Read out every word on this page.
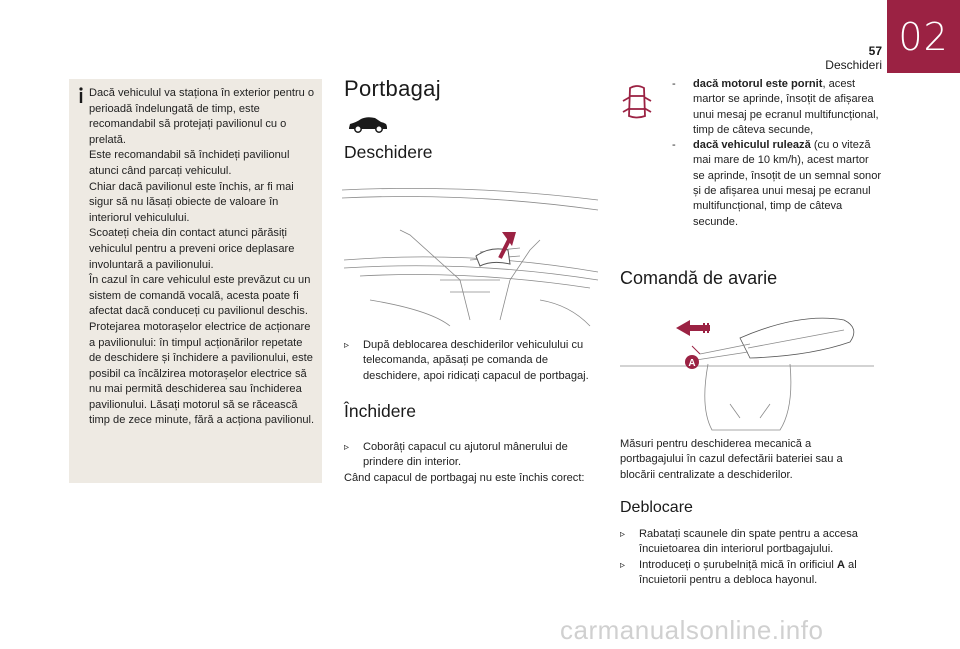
02
57
Deschideri

Dacă vehiculul va staționa în exterior pentru o perioadă îndelungată de timp, este recomandabil să protejați pavilionul cu o prelată.

Este recomandabil să închideți pavilionul atunci când parcați vehiculul.

Chiar dacă pavilionul este închis, ar fi mai sigur să nu lăsați obiecte de valoare în interiorul vehiculului.

Scoateți cheia din contact atunci părăsiți vehiculul pentru a preveni orice deplasare involuntară a pavilionului.

În cazul în care vehiculul este prevăzut cu un sistem de comandă vocală, acesta poate fi afectat dacă conduceți cu pavilionul deschis.

Protejarea motorașelor electrice de acționare a pavilionului: în timpul acționărilor repetate de deschidere și închidere a pavilionului, este posibil ca încălzirea motorașelor electrice să nu mai permită deschiderea sau închiderea pavilionului. Lăsați motorul să se răcească timp de zece minute, fără a acționa pavilionul.

Portbagaj
Deschidere
▹ După deblocarea deschiderilor vehiculului cu telecomanda, apăsați pe comanda de deschidere, apoi ridicați capacul de portbagaj.
Închidere
▹ Coborâți capacul cu ajutorul mânerului de prindere din interior.
Când capacul de portbagaj nu este închis corect:
- dacă motorul este pornit, acest martor se aprinde, însoțit de afișarea unui mesaj pe ecranul multifuncțional, timp de câteva secunde,
- dacă vehiculul rulează (cu o viteză mai mare de 10 km/h), acest martor se aprinde, însoțit de un semnal sonor și de afișarea unui mesaj pe ecranul multifuncțional, timp de câteva secunde.
Comandă de avarie
A
Măsuri pentru deschiderea mecanică a portbagajului în cazul defectării bateriei sau a blocării centralizate a deschiderilor.
Deblocare
▹ Rabatați scaunele din spate pentru a accesa încuietoarea din interiorul portbagajului.
▹ Introduceți o șurubelniță mică în orificiul A al încuietorii pentru a debloca hayonul.
carmanualsonline.info
